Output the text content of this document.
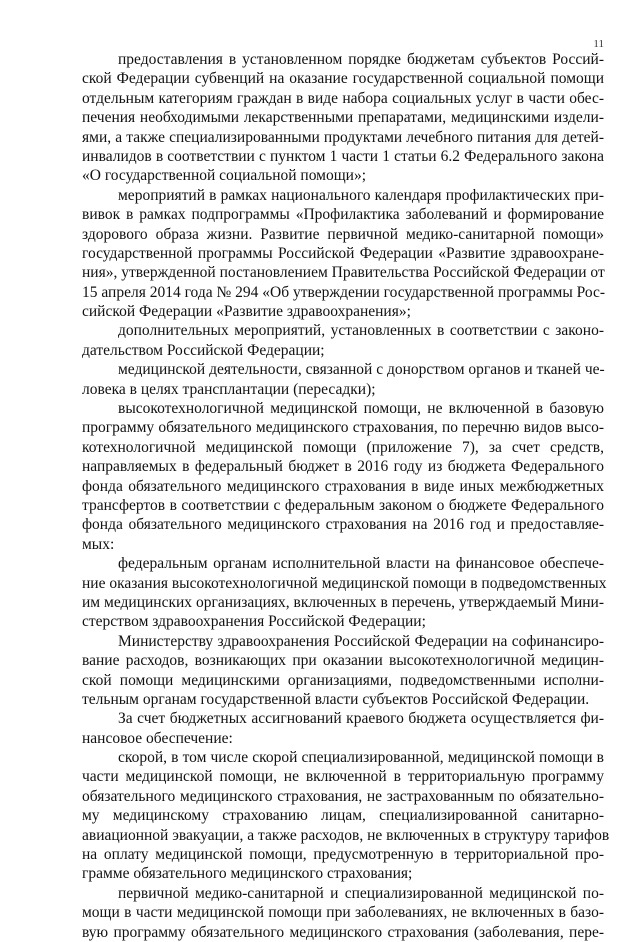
11
предоставления в установленном порядке бюджетам субъектов Россий-
ской Федерации субвенций на оказание государственной социальной помощи
отдельным категориям граждан в виде набора социальных услуг в части обес-
печения необходимыми лекарственными препаратами, медицинскими издели-
ями, а также специализированными продуктами лечебного питания для детей-
инвалидов в соответствии с пунктом 1 части 1 статьи 6.2 Федерального закона
«О государственной социальной помощи»;
мероприятий в рамках национального календаря профилактических при-
вивок в рамках подпрограммы «Профилактика заболеваний и формирование
здорового образа жизни. Развитие первичной медико-санитарной помощи»
государственной программы Российской Федерации «Развитие здравоохране-
ния», утвержденной постановлением Правительства Российской Федерации от
15 апреля 2014 года № 294 «Об утверждении государственной программы Рос-
сийской Федерации «Развитие здравоохранения»;
дополнительных мероприятий, установленных в соответствии с законо-
дательством Российской Федерации;
медицинской деятельности, связанной с донорством органов и тканей че-
ловека в целях трансплантации (пересадки);
высокотехнологичной медицинской помощи, не включенной в базовую
программу обязательного медицинского страхования, по перечню видов высо-
котехнологичной медицинской помощи (приложение 7), за счет средств,
направляемых в федеральный бюджет в 2016 году из бюджета Федерального
фонда обязательного медицинского страхования в виде иных межбюджетных
трансфертов в соответствии с федеральным законом о бюджете Федерального
фонда обязательного медицинского страхования на 2016 год и предоставляе-
мых:
федеральным органам исполнительной власти на финансовое обеспече-
ние оказания высокотехнологичной медицинской помощи в подведомственных
им медицинских организациях, включенных в перечень, утверждаемый Мини-
стерством здравоохранения Российской Федерации;
Министерству здравоохранения Российской Федерации на софинансиро-
вание расходов, возникающих при оказании высокотехнологичной медицин-
ской помощи медицинскими организациями, подведомственными исполни-
тельным органам государственной власти субъектов Российской Федерации.
За счет бюджетных ассигнований краевого бюджета осуществляется фи-
нансовое обеспечение:
скорой, в том числе скорой специализированной, медицинской помощи в
части медицинской помощи, не включенной в территориальную программу
обязательного медицинского страхования, не застрахованным по обязательно-
му медицинскому страхованию лицам, специализированной санитарно-
авиационной эвакуации, а также расходов, не включенных в структуру тарифов
на оплату медицинской помощи, предусмотренную в территориальной про-
грамме обязательного медицинского страхования;
первичной медико-санитарной и специализированной медицинской по-
мощи в части медицинской помощи при заболеваниях, не включенных в базо-
вую программу обязательного медицинского страхования (заболевания, пере-
